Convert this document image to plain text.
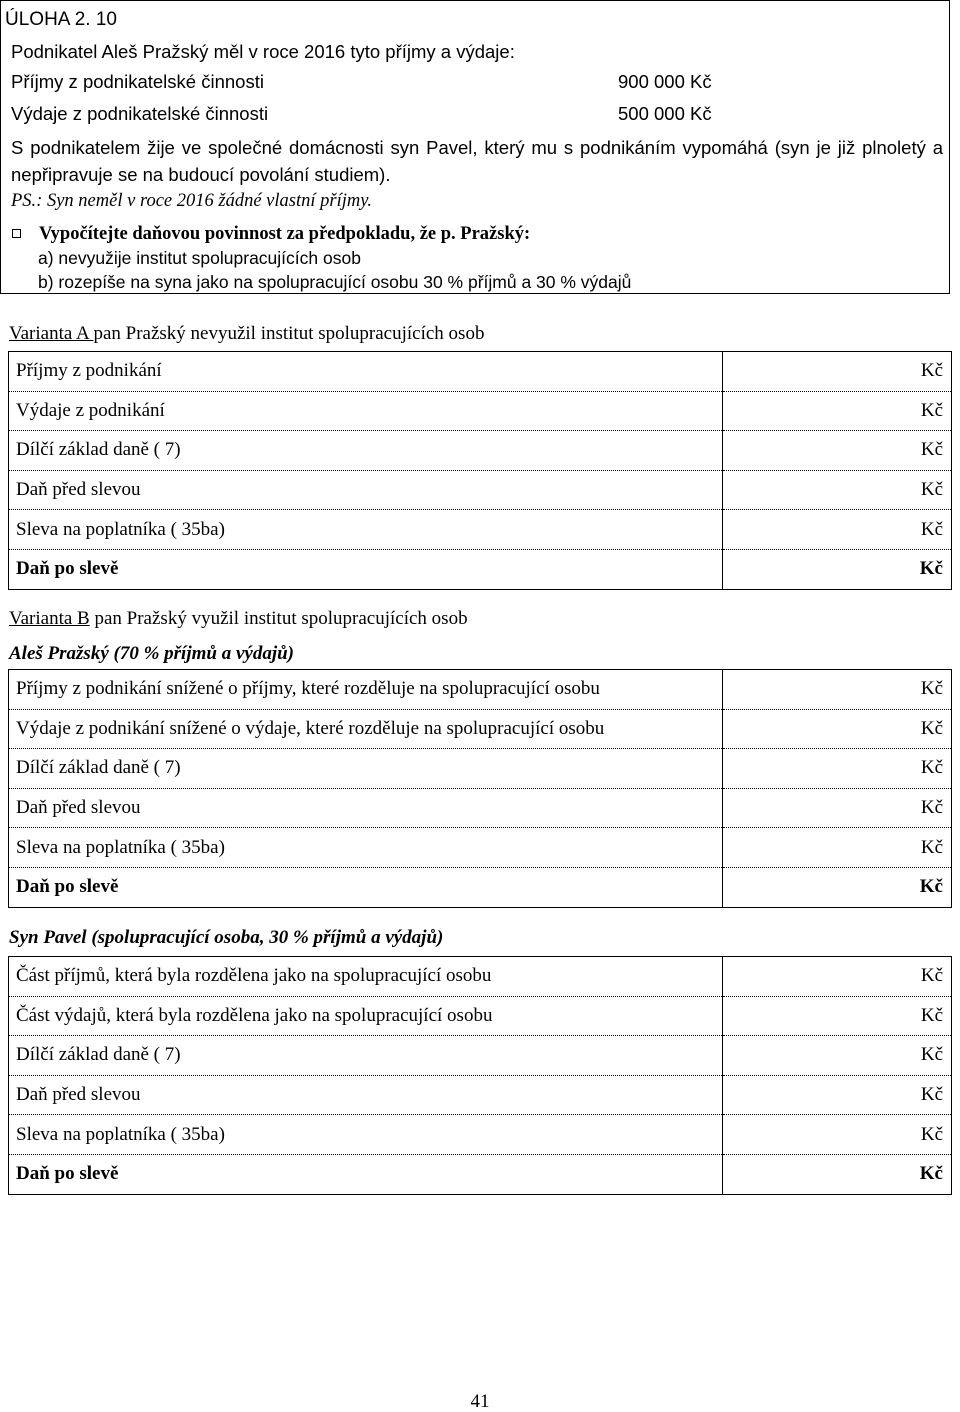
ÚLOHA 2. 10
Podnikatel Aleš Pražský měl v roce 2016 tyto příjmy a výdaje:
Příjmy z podnikatelské činnosti	900 000 Kč
Výdaje z podnikatelské činnosti	500 000 Kč
S podnikatelem žije ve společné domácnosti syn Pavel, který mu s podnikáním vypomáhá (syn je již plnoletý a nepřipravuje se na budoucí povolání studiem).
PS.: Syn neměl v roce 2016 žádné vlastní příjmy.
Vypočítejte daňovou povinnost za předpokladu, že p. Pražský:
a) nevyužije institut spolupracujících osob
b) rozepíše na syna jako na spolupracující osobu 30 % příjmů a 30 % výdajů
Varianta A pan Pražský nevyužil institut spolupracujících osob
Příjmy z podnikání	Kč
Výdaje z podnikání	Kč
Dílčí základ daně ( 7)	Kč
Daň před slevou	Kč
Sleva na poplatníka ( 35ba)	Kč
Daň po slevě	Kč
Varianta B pan Pražský využil institut spolupracujících osob
Aleš Pražský (70 % příjmů a výdajů)
Příjmy z podnikání snížené o příjmy, které rozděluje na spolupracující osobu	Kč
Výdaje z podnikání snížené o výdaje, které rozděluje na spolupracující osobu	Kč
Dílčí základ daně ( 7)	Kč
Daň před slevou	Kč
Sleva na poplatníka ( 35ba)	Kč
Daň po slevě	Kč
Syn Pavel (spolupracující osoba, 30 % příjmů a výdajů)
Část příjmů, která byla rozdělena jako na spolupracující osobu	Kč
Část výdajů, která byla rozdělena jako na spolupracující osobu	Kč
Dílčí základ daně ( 7)	Kč
Daň před slevou	Kč
Sleva na poplatníka ( 35ba)	Kč
Daň po slevě	Kč
41
